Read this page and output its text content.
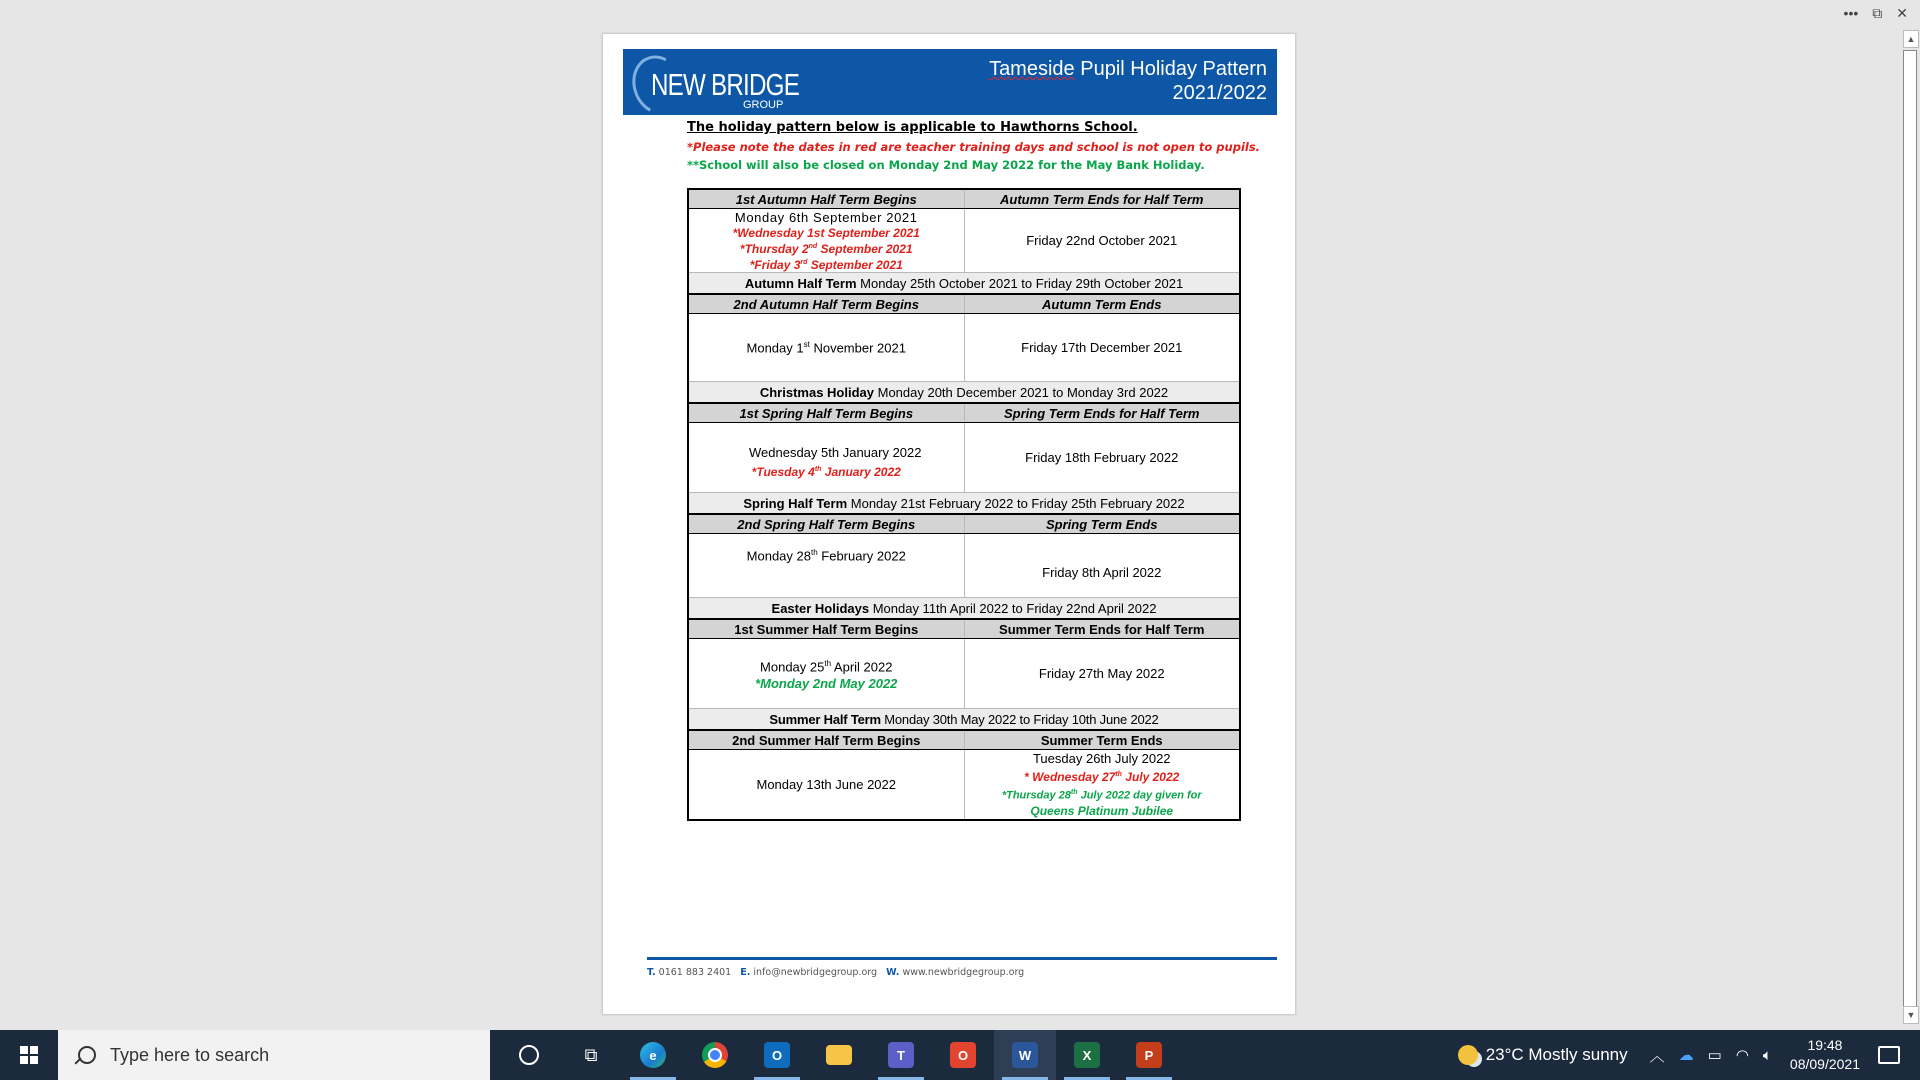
••• ⧉ ✕
▲
▼
NEW BRIDGE
GROUP
Tameside Pupil Holiday Pattern
2021/2022
The holiday pattern below is applicable to Hawthorns School.
*Please note the dates in red are teacher training days and school is not open to pupils.
**School will also be closed on Monday 2nd May 2022 for the May Bank Holiday.
1st Autumn Half Term Begins	Autumn Term Ends for Half Term

Monday 6th September 2021
*Wednesday 1st September 2021
*Thursday 2nd September 2021
*Friday 3rd September 2021	Friday 22nd October 2021
Autumn Half Term Monday 25th October 2021 to Friday 29th October 2021	
2nd Autumn Half Term Begins	Autumn Term Ends
Monday 1st November 2021	Friday 17th December 2021
Christmas Holiday Monday 20th December 2021 to Monday 3rd 2022	
1st Spring Half Term Begins	Spring Term Ends for Half Term

Wednesday 5th January 2022
*Tuesday 4th January 2022	Friday 18th February 2022
Spring Half Term Monday 21st February 2022 to Friday 25th February 2022	
2nd Spring Half Term Begins	Spring Term Ends
Monday 28th February 2022	Friday 8th April 2022
Easter Holidays Monday 11th April 2022 to Friday 22nd April 2022	
1st Summer Half Term Begins	Summer Term Ends for Half Term

Monday 25th April 2022
*Monday 2nd May 2022	Friday 27th May 2022
Summer Half Term Monday 30th May 2022 to Friday 10th June 2022	
2nd Summer Half Term Begins	Summer Term Ends
Monday 13th June 2022	Tuesday 26th July 2022
* Wednesday 27th July 2022
*Thursday 28th July 2022 day given for
Queens Platinum Jubilee
T. 0161 883 2401 E. info@newbridgegroup.org W. www.newbridgegroup.org
Type here to search
⧉	e	O	T	O	W	X	P	23°C Mostly sunny ︿ ☁ ▭ ◠ 🔈︎
19:48
08/09/2021
